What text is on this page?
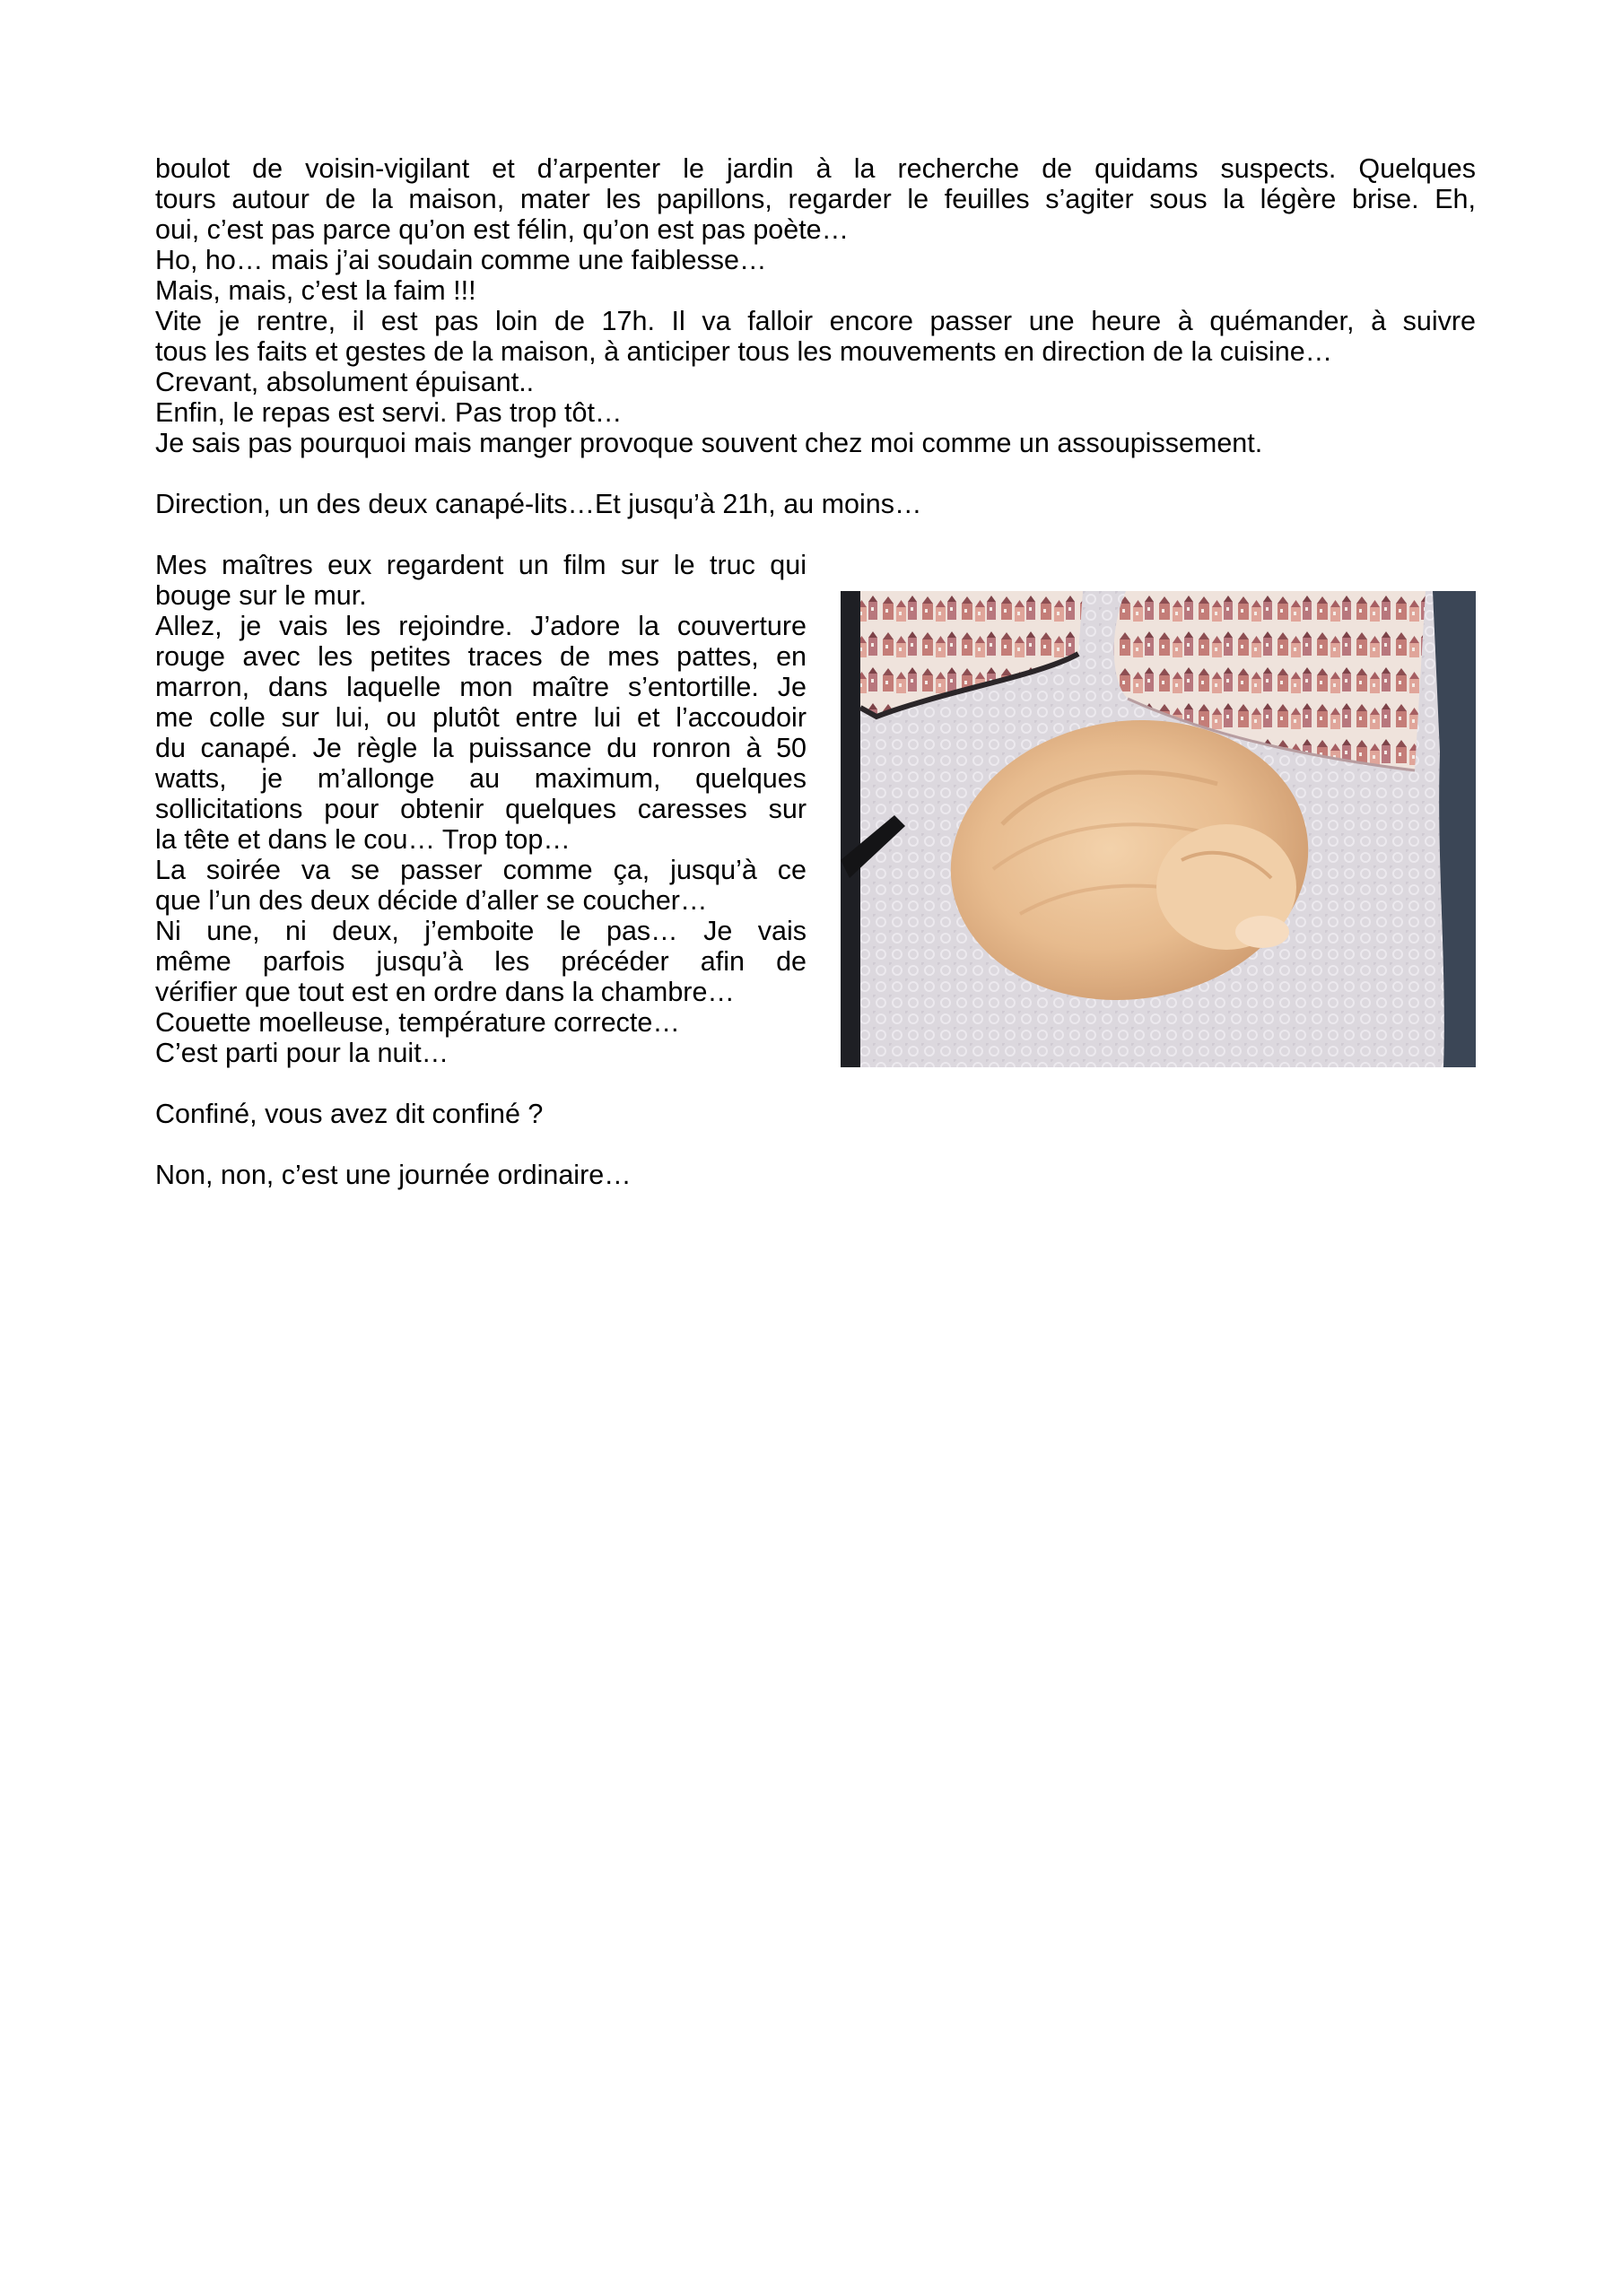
boulot de voisin-vigilant et d’arpenter le jardin à la recherche de quidams suspects. Quelques
tours autour de la maison, mater les papillons, regarder le feuilles s’agiter sous la légère brise. Eh,
oui, c’est pas parce qu’on est félin, qu’on est pas poète…
Ho, ho… mais j’ai soudain comme une faiblesse…
Mais, mais, c’est la faim !!!
Vite je rentre, il est pas loin de 17h. Il va falloir encore passer une heure à quémander, à suivre
tous les faits et gestes de la maison, à anticiper tous les mouvements en direction de la cuisine…
Crevant, absolument épuisant..
Enfin, le repas est servi. Pas trop tôt…
Je sais pas pourquoi mais manger provoque souvent chez moi comme un assoupissement.
Direction, un des deux canapé-lits…Et jusqu’à 21h, au moins…
Mes maîtres eux regardent un film sur le truc qui
bouge sur le mur.
Allez, je vais les rejoindre. J’adore la couverture
rouge avec les petites traces de mes pattes, en
marron, dans laquelle mon maître s’entortille. Je
me colle sur lui, ou plutôt entre lui et l’accoudoir
du canapé. Je règle la puissance du ronron à 50
watts, je m’allonge au maximum, quelques
sollicitations pour obtenir quelques caresses sur
la tête et dans le cou… Trop top…
La soirée va se passer comme ça, jusqu’à ce
que l’un des deux décide d’aller se coucher…
Ni une, ni deux, j’emboite le pas… Je vais
même parfois jusqu’à les précéder afin de
vérifier que tout est en ordre dans la chambre…
Couette moelleuse, température correcte…
C’est parti pour la nuit…
Confiné, vous avez dit confiné ?
Non, non, c’est une journée ordinaire…
